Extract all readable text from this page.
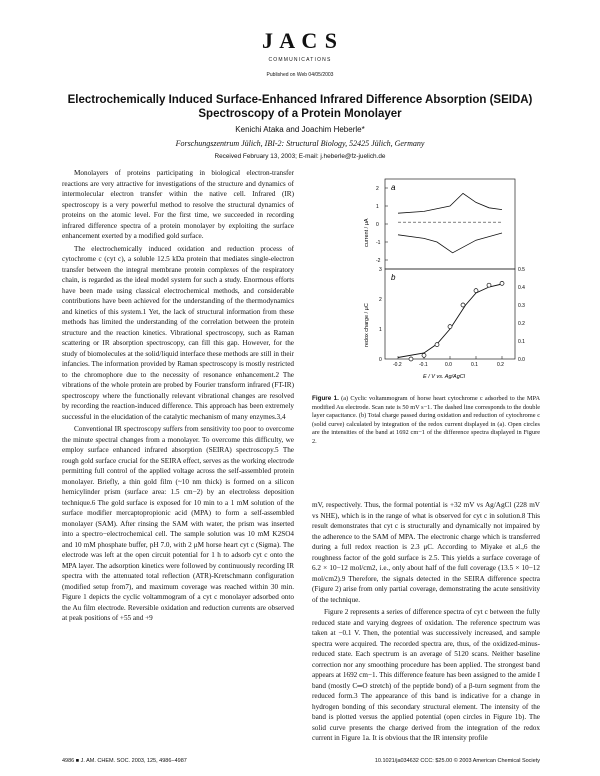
J A C S
COMMUNICATIONS
Published on Web 04/05/2003
Electrochemically Induced Surface-Enhanced Infrared Difference Absorption (SEIDA) Spectroscopy of a Protein Monolayer
Kenichi Ataka and Joachim Heberle*
Forschungszentrum Jülich, IBI-2: Structural Biology, 52425 Jülich, Germany
Received February 13, 2003; E-mail: j.heberle@fz-juelich.de

Monolayers of proteins participating in biological electron-transfer reactions are very attractive for investigations of the structure and dynamics of intermolecular electron transfer within the native cell. Infrared (IR) spectroscopy is a very powerful method to resolve the structural dynamics of proteins on the atomic level. For the first time, we succeeded in recording infrared difference spectra of a protein monolayer by exploiting the surface enhancement exerted by a modified gold surface.

The electrochemically induced oxidation and reduction process of cytochrome c (cyt c), a soluble 12.5 kDa protein that mediates single-electron transfer between the integral membrane protein complexes of the respiratory chain, is regarded as the ideal model system for such a study. Enormous efforts have been made using classical electrochemical methods, and considerable contributions have been achieved for the understanding of the thermodynamics and kinetics of this system.1 Yet, the lack of structural information from these methods has limited the understanding of the correlation between the protein structure and the reaction kinetics. Vibrational spectroscopy, such as Raman scattering or IR absorption spectroscopy, can fill this gap. However, for the study of biomolecules at the solid/liquid interface these methods are still in their infancies. The information provided by Raman spectroscopy is mostly restricted to the chromophore due to the necessity of resonance enhancement.2 The vibrations of the whole protein are probed by Fourier transform infrared (FT-IR) spectroscopy where the functionally relevant vibrational changes are resolved by recording the reaction-induced difference. This approach has been extremely successful in the elucidation of the catalytic mechanism of many enzymes.3,4

Conventional IR spectroscopy suffers from sensitivity too poor to overcome the minute spectral changes from a monolayer. To overcome this difficulty, we employ surface enhanced infrared absorption (SEIRA) spectroscopy.5 The rough gold surface crucial for the SEIRA effect, serves as the working electrode permitting full control of the applied voltage across the self-assembled protein monolayer. Briefly, a thin gold film (~10 nm thick) is formed on a silicon hemicylinder prism (surface area: 1.5 cm−2) by an electroless deposition technique.6 The gold surface is exposed for 10 min to a 1 mM solution of the surface modifier mercaptopropionic acid (MPA) to form a self-assembled monolayer (SAM). After rinsing the SAM with water, the prism was inserted into a spectro−electrochemical cell. The sample solution was 10 mM K2SO4 and 10 mM phosphate buffer, pH 7.0, with 2 μM horse heart cyt c (Sigma). The electrode was left at the open circuit potential for 1 h to adsorb cyt c onto the MPA layer. The adsorption kinetics were followed by continuously recording IR spectra with the attenuated total reflection (ATR)-Kretschmann configuration (modified setup from7), and maximum coverage was reached within 30 min. Figure 1 depicts the cyclic voltammogram of a cyt c monolayer adsorbed onto the Au film electrode. Reversible oxidation and reduction currents are observed at peak positions of +55 and +9

a
b
current / μA
redox charge / μC
E / V vs. Ag/AgCl
-0.2	-0.1	0.0	0.1	0.2
2
1
0
-1
-2
3
2
1
0
0.5
0.4
0.3
0.2
0.1
0.0
Figure 1. (a) Cyclic voltammogram of horse heart cytochrome c adsorbed to the MPA modified Au electrode. Scan rate is 50 mV s−1. The dashed line corresponds to the double layer capacitance. (b) Total charge passed during oxidation and reduction of cytochrome c (solid curve) calculated by integration of the redox current displayed in (a). Open circles are the intensities of the band at 1692 cm−1 of the difference spectra displayed in Figure 2.

mV, respectively. Thus, the formal potential is +32 mV vs Ag/AgCl (228 mV vs NHE), which is in the range of what is observed for cyt c in solution.8 This result demonstrates that cyt c is structurally and dynamically not impaired by the adherence to the SAM of MPA. The electronic charge which is transferred during a full redox reaction is 2.3 μC. According to Miyake et al.,6 the roughness factor of the gold surface is 2.5. This yields a surface coverage of 6.2 × 10−12 mol/cm2, i.e., only about half of the full coverage (13.5 × 10−12 mol/cm2).9 Therefore, the signals detected in the SEIRA difference spectra (Figure 2) arise from only partial coverage, demonstrating the acute sensitivity of the technique.

Figure 2 represents a series of difference spectra of cyt c between the fully reduced state and varying degrees of oxidation. The reference spectrum was taken at −0.1 V. Then, the potential was successively increased, and sample spectra were acquired. The recorded spectra are, thus, of the oxidized-minus-reduced state. Each spectrum is an average of 5120 scans. Neither baseline correction nor any smoothing procedure has been applied. The strongest band appears at 1692 cm−1. This difference feature has been assigned to the amide I band (mostly C═O stretch) of the peptide bond) of a β-turn segment from the reduced form.3 The appearance of this band is indicative for a change in hydrogen bonding of this secondary structural element. The intensity of the band is plotted versus the applied potential (open circles in Figure 1b). The solid curve presents the charge derived from the integration of the redox current in Figure 1a. It is obvious that the IR intensity profile

4986 ■ J. AM. CHEM. SOC. 2003, 125, 4986−4987	10.1021/ja034632 CCC: $25.00 © 2003 American Chemical Society
